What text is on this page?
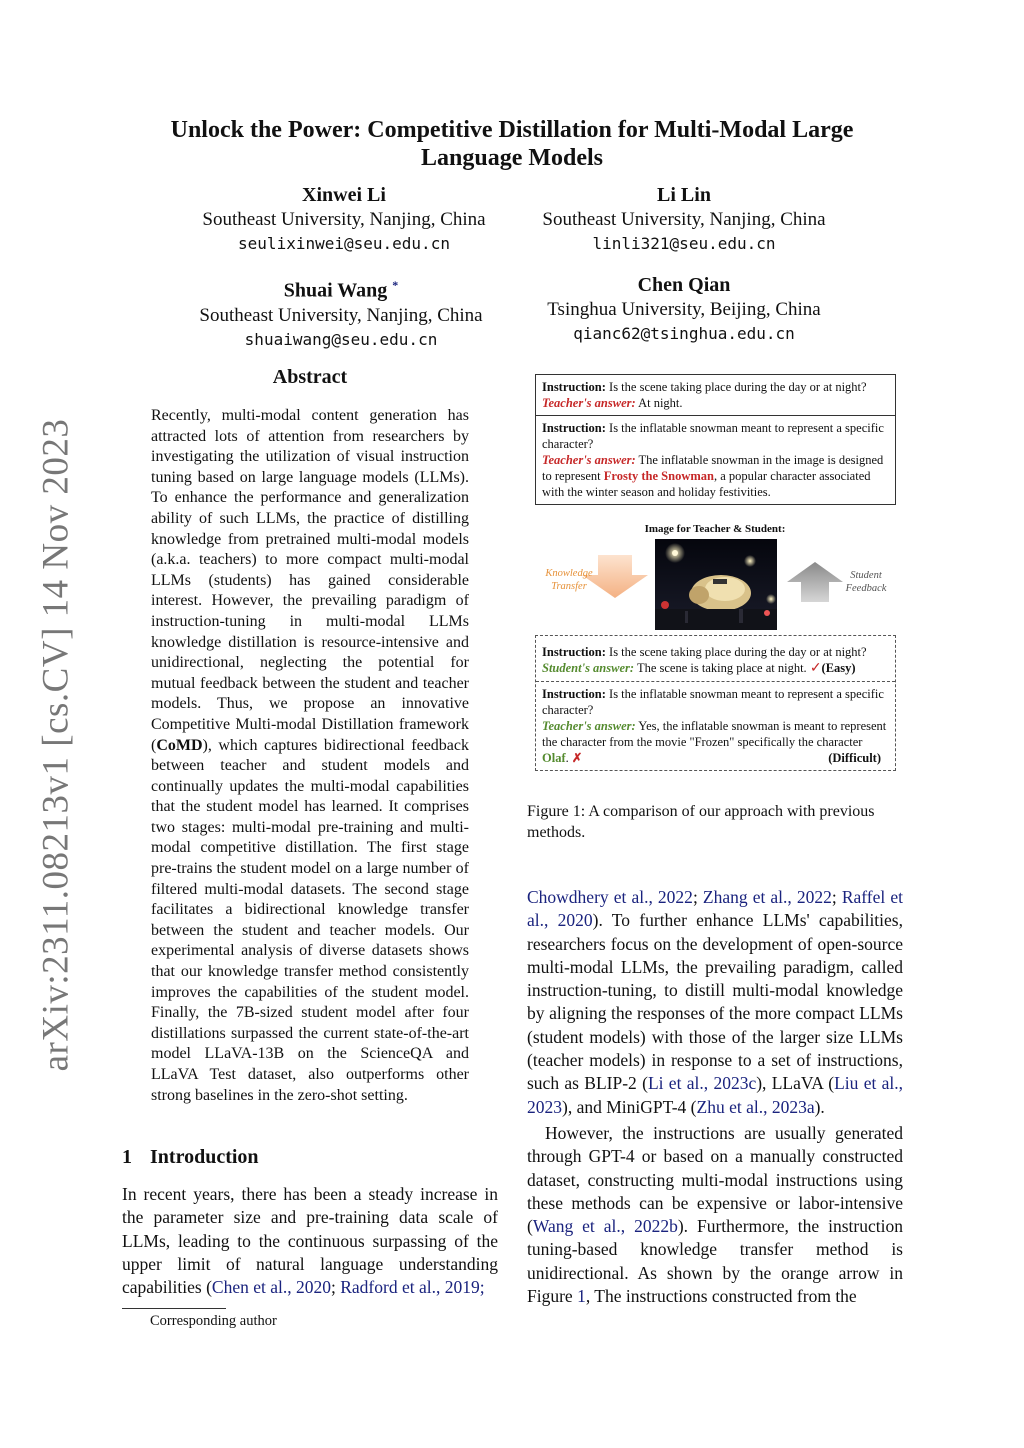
arXiv:2311.08213v1 [cs.CV] 14 Nov 2023
Unlock the Power: Competitive Distillation for Multi-Modal Large Language Models
Xinwei Li
Southeast University, Nanjing, China
seulixinwei@seu.edu.cn
Li Lin
Southeast University, Nanjing, China
linli321@seu.edu.cn
Shuai Wang *
Southeast University, Nanjing, China
shuaiwang@seu.edu.cn
Chen Qian
Tsinghua University, Beijing, China
qianc62@tsinghua.edu.cn
Abstract
Recently, multi-modal content generation has attracted lots of attention from researchers by investigating the utilization of visual instruction tuning based on large language models (LLMs). To enhance the performance and generalization ability of such LLMs, the practice of distilling knowledge from pretrained multi-modal models (a.k.a. teachers) to more compact multi-modal LLMs (students) has gained considerable interest. However, the prevailing paradigm of instruction-tuning in multi-modal LLMs knowledge distillation is resource-intensive and unidirectional, neglecting the potential for mutual feedback between the student and teacher models. Thus, we propose an innovative Competitive Multi-modal Distillation framework (CoMD), which captures bidirectional feedback between teacher and student models and continually updates the multi-modal capabilities that the student model has learned. It comprises two stages: multi-modal pre-training and multi-modal competitive distillation. The first stage pre-trains the student model on a large number of filtered multi-modal datasets. The second stage facilitates a bidirectional knowledge transfer between the student and teacher models. Our experimental analysis of diverse datasets shows that our knowledge transfer method consistently improves the capabilities of the student model. Finally, the 7B-sized student model after four distillations surpassed the current state-of-the-art model LLaVA-13B on the ScienceQA and LLaVA Test dataset, also outperforms other strong baselines in the zero-shot setting.
1 Introduction
In recent years, there has been a steady increase in the parameter size and pre-training data scale of LLMs, leading to the continuous surpassing of the upper limit of natural language understanding capabilities (Chen et al., 2020; Radford et al., 2019;
Corresponding author
Instruction: Is the scene taking place during the day or at night?
Teacher's answer: At night.
Instruction: Is the inflatable snowman meant to represent a specific character?
Teacher's answer: The inflatable snowman in the image is designed to represent Frosty the Snowman, a popular character associated with the winter season and holiday festivities.
Image for Teacher & Student:
Knowledge
Transfer
Student
Feedback
Instruction: Is the scene taking place during the day or at night?
Student's answer: The scene is taking place at night. ✓(Easy)
Instruction: Is the inflatable snowman meant to represent a specific character?
Teacher's answer: Yes, the inflatable snowman is meant to represent the character from the movie "Frozen" specifically the character Olaf. ✗	(Difficult)
Figure 1: A comparison of our approach with previous methods.

Chowdhery et al., 2022; Zhang et al., 2022; Raffel et al., 2020). To further enhance LLMs' capabilities, researchers focus on the development of open-source multi-modal LLMs, the prevailing paradigm, called instruction-tuning, to distill multi-modal knowledge by aligning the responses of the more compact LLMs (student models) with those of the larger size LLMs (teacher models) in response to a set of instructions, such as BLIP-2 (Li et al., 2023c), LLaVA (Liu et al., 2023), and MiniGPT-4 (Zhu et al., 2023a).

However, the instructions are usually generated through GPT-4 or based on a manually constructed dataset, constructing multi-modal instructions using these methods can be expensive or labor-intensive (Wang et al., 2022b). Furthermore, the instruction tuning-based knowledge transfer method is unidirectional. As shown by the orange arrow in Figure 1, The instructions constructed from the
